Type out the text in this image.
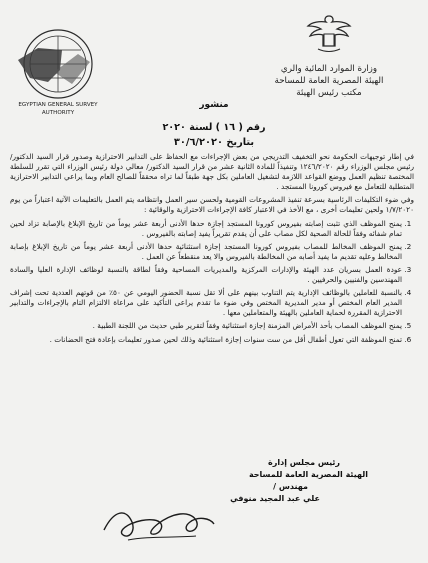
وزارة الموارد المائية والري
الهيئة المصرية العامة للمساحة
مكتب رئيس الهيئة
EGYPTIAN GENERAL SURVEY
AUTHORITY
منشور
رقم ( ١٦ ) لسنة ٢٠٢٠
بتاريخ ٣٠/٦/٢٠٢٠

في إطار توجيهات الحكومة نحو التخفيف التدريجي من بعض الإجراءات مع الحفاظ على التدابير الاحترازية وصدور قرار السيد الدكتور/ رئيس مجلس الوزراء رقم ١٢٤٦/٢٠٢٠ وتنفيذاً للمادة الثانية عشر من قرار السيد الدكتور/ معالي دولة رئيس الوزراء التي تقرر للسلطة المختصة تنظيم العمل ووضع القواعد اللازمة لتشغيل العاملين بكل جهة طبقاً لما تراه محققاً للصالح العام وبما يراعي التدابير الاحترازية المتطلبة للتعامل مع فيروس كورونا المستجد .

وفي ضوء التكليفات الرئاسية بسرعة تنفيذ المشروعات القومية ولحسن سير العمل وانتظامه يتم العمل بالتعليمات الآتية اعتباراً من يوم ١/٧/٢٠٢٠ ولحين تعليمات أخرى ، مع الأخذ في الاعتبار كافة الإجراءات الاحترازية والوقائية :

1. يمنح الموظف الذي تثبت إصابته بفيروس كورونا المستجد إجازة حدها الأدنى أربعة عشر يوماً من تاريخ الإبلاغ بالإصابة تزاد لحين تمام شفائه وفقاً للحالة الصحية لكل مصاب على أن يقدم تقريراً يفيد إصابته بالفيروس .
2. يمنح الموظف المخالط للمصاب بفيروس كورونا المستجد إجازة استثنائية حدها الأدنى أربعة عشر يوماً من تاريخ الإبلاغ بإصابة المخالط وعليه تقديم ما يفيد أصابه من المخالطة بالفيروس والا يعد منقطعاً عن العمل .
3. عودة العمل بسريان عدد الهيئة والإدارات المركزية والمديريات المساحية وفقاً لطاقة بالنسبة لوظائف الإدارة العليا والسادة المهندسين والفنيين والحرفيين .
4. بالنسبة للعاملين بالوظائف الإدارية يتم التناوب بينهم على ألا تقل نسبة الحضور اليومي عن ٥٠٪ من قوتهم العددية تحت إشراف المدير العام المختص أو مدير المديرية المختص وفي ضوء ما تقدم يراعى التأكيد على مراعاة الالتزام التام بالإجراءات والتدابير الاحترازية المقررة لحماية العاملين بالهيئة والمتعاملين معها .
5. يمنح الموظف المصاب بأحد الأمراض المزمنة إجازة استثنائية وفقاً لتقرير طبي حديث من اللجنة الطبية .
6. تمنح الموظفة التي تعول أطفال أقل من ست سنوات إجازة استثنائية وذلك لحين صدور تعليمات بإعادة فتح الحضانات .
رئيس مجلس إدارة
الهيئة المصرية العامة للمساحة
مهندس /
علي عبد المجيد منوفي
